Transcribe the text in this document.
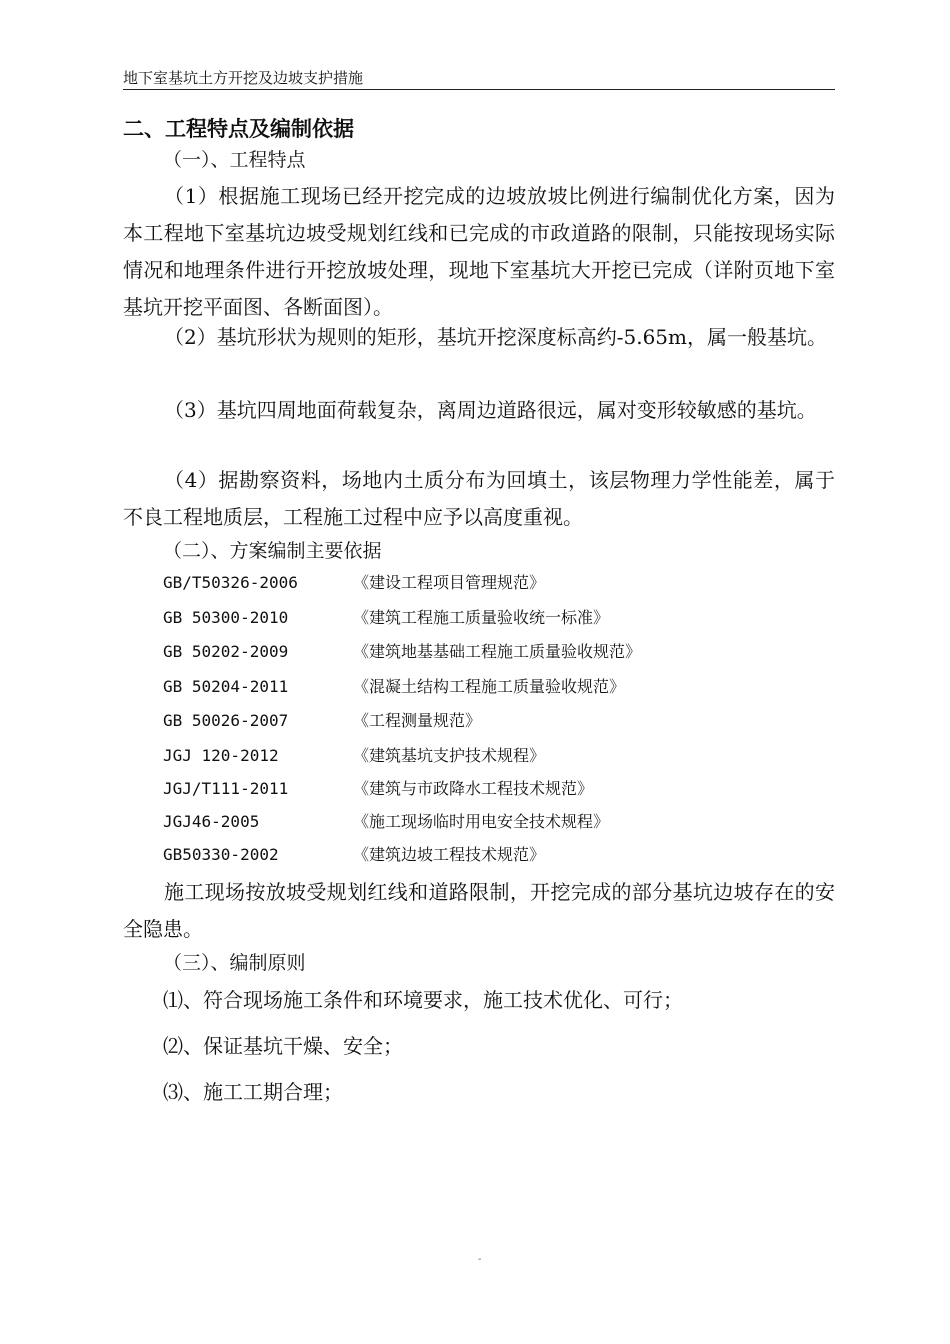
地下室基坑土方开挖及边坡支护措施
二、工程特点及编制依据
（一）、工程特点
（1）根据施工现场已经开挖完成的边坡放坡比例进行编制优化方案，因为本工程地下室基坑边坡受规划红线和已完成的市政道路的限制，只能按现场实际情况和地理条件进行开挖放坡处理，现地下室基坑大开挖已完成（详附页地下室基坑开挖平面图、各断面图）。
（2）基坑形状为规则的矩形，基坑开挖深度标高约-5.65m，属一般基坑。
（3）基坑四周地面荷载复杂，离周边道路很远，属对变形较敏感的基坑。
（4）据勘察资料，场地内土质分布为回填土，该层物理力学性能差，属于不良工程地质层，工程施工过程中应予以高度重视。
（二）、方案编制主要依据
GB/T50326-2006	《建设工程项目管理规范》
GB 50300-2010	《建筑工程施工质量验收统一标准》
GB 50202-2009	《建筑地基基础工程施工质量验收规范》
GB 50204-2011	《混凝土结构工程施工质量验收规范》
GB 50026-2007	《工程测量规范》
JGJ 120-2012	《建筑基坑支护技术规程》
JGJ/T111-2011	《建筑与市政降水工程技术规范》
JGJ46-2005	《施工现场临时用电安全技术规程》
GB50330-2002	《建筑边坡工程技术规范》
施工现场按放坡受规划红线和道路限制，开挖完成的部分基坑边坡存在的安全隐患。
（三）、编制原则
⑴、符合现场施工条件和环境要求，施工技术优化、可行；
⑵、保证基坑干燥、安全；
⑶、施工工期合理；
-
